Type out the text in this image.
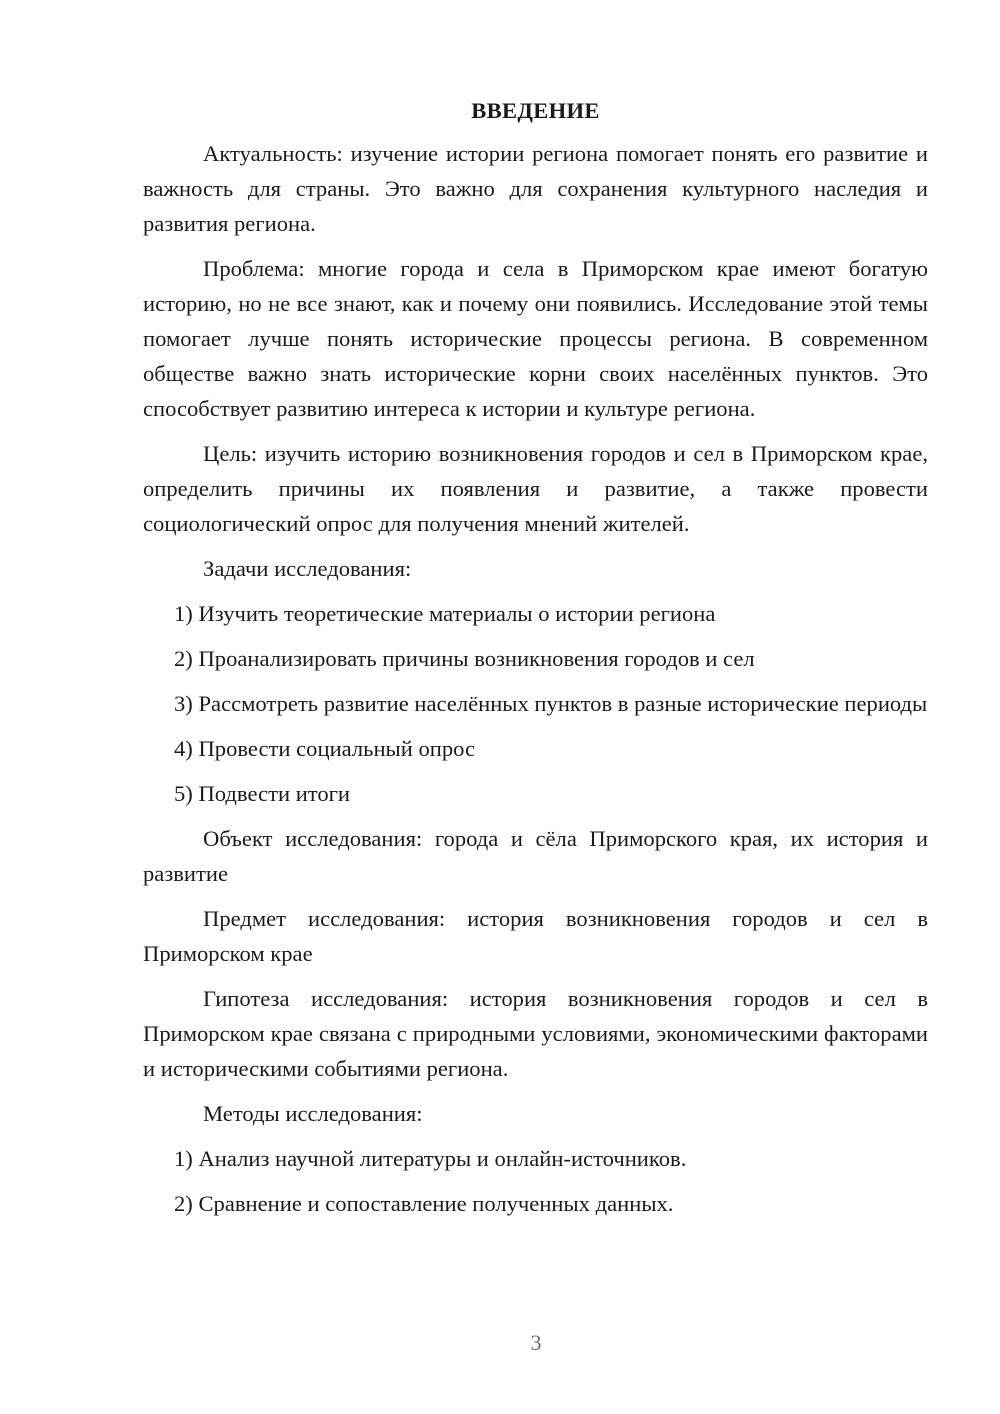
ВВЕДЕНИЕ

Актуальность: изучение истории региона помогает понять его развитие и важность для страны. Это важно для сохранения культурного наследия и развития региона.

Проблема: многие города и села в Приморском крае имеют богатую историю, но не все знают, как и почему они появились. Исследование этой темы помогает лучше понять исторические процессы региона. В современном обществе важно знать исторические корни своих населённых пунктов. Это способствует развитию интереса к истории и культуре региона.

Цель: изучить историю возникновения городов и сел в Приморском крае, определить причины их появления и развитие, а также провести социологический опрос для получения мнений жителей.

Задачи исследования:

1) Изучить теоретические материалы о истории региона

2) Проанализировать причины возникновения городов и сел

3) Рассмотреть развитие населённых пунктов в разные исторические периоды

4) Провести социальный опрос

5) Подвести итоги

Объект исследования: города и сёла Приморского края, их история и развитие

Предмет исследования: история возникновения городов и сел в Приморском крае

Гипотеза исследования: история возникновения городов и сел в Приморском крае связана с природными условиями, экономическими факторами и историческими событиями региона.

Методы исследования:

1) Анализ научной литературы и онлайн-источников.

2) Сравнение и сопоставление полученных данных.

3
